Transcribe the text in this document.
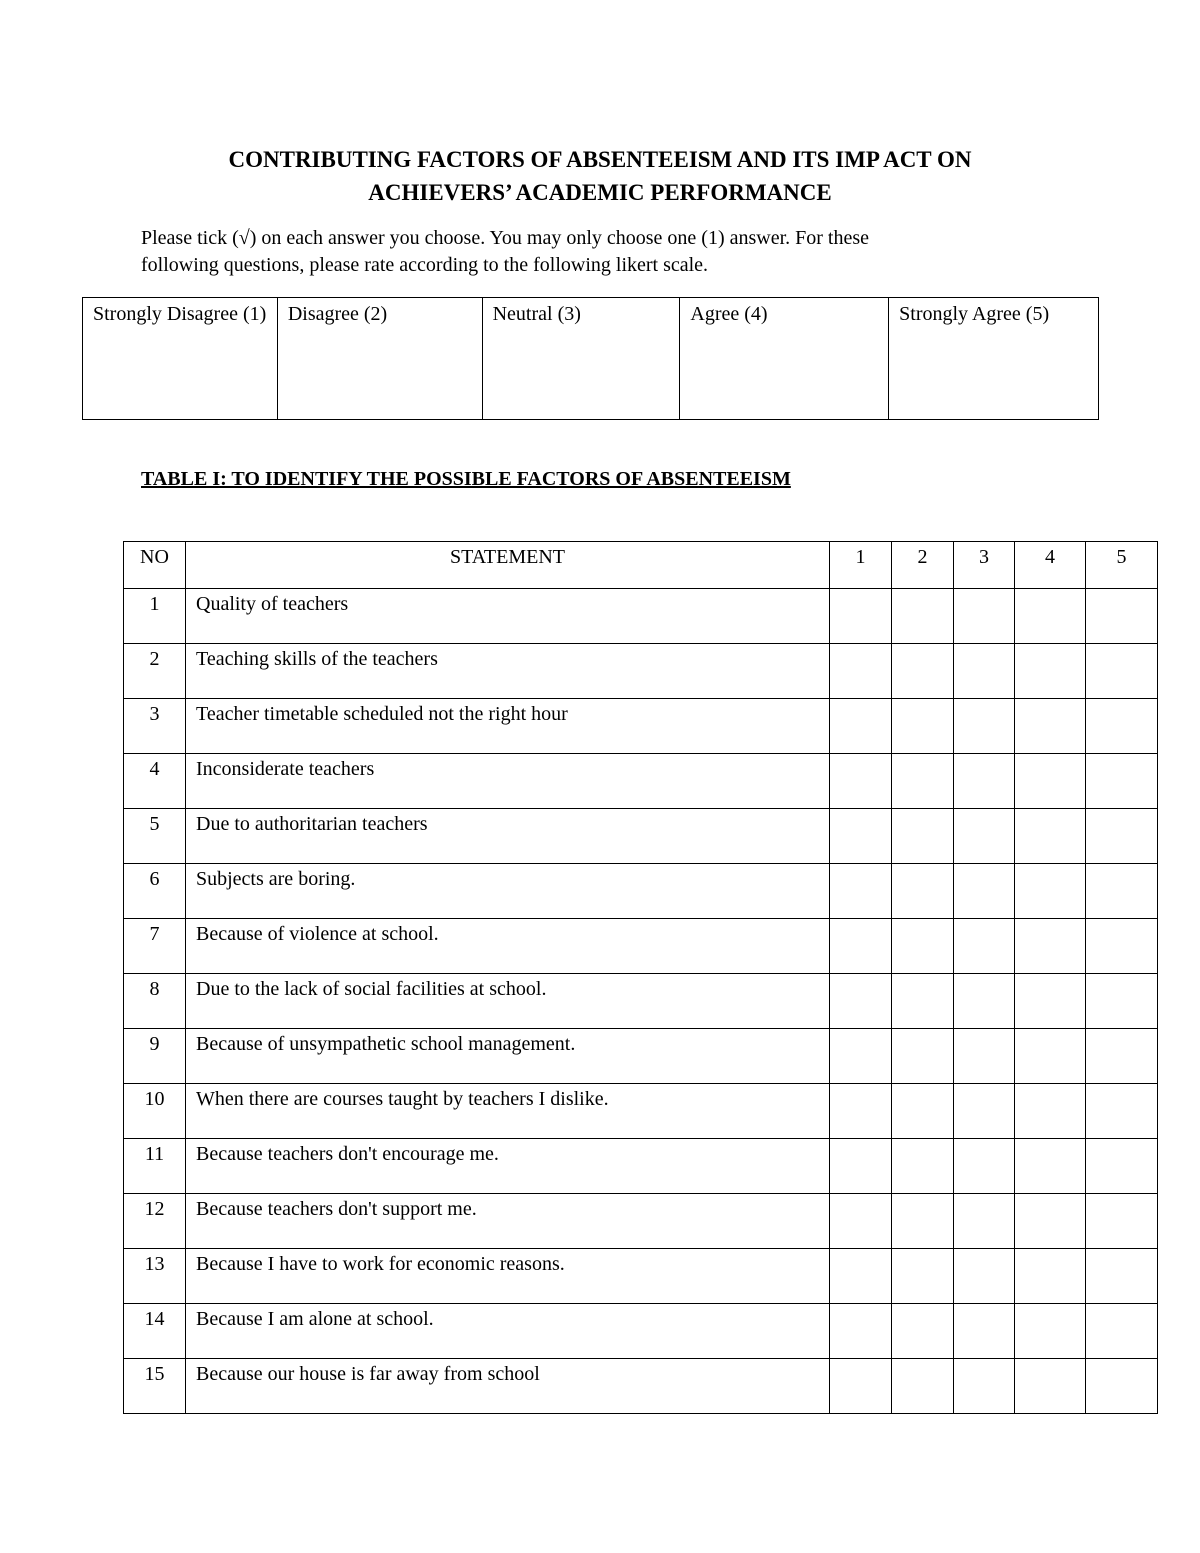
CONTRIBUTING FACTORS OF ABSENTEEISM AND ITS IMP ACT ON
ACHIEVERS’ ACADEMIC PERFORMANCE
Please tick (√) on each answer you choose. You may only choose one (1) answer. For these
following questions, please rate according to the following likert scale.
Strongly Disagree (1)	Disagree (2)	Neutral (3)	Agree (4)	Strongly Agree (5)
TABLE I: TO IDENTIFY THE POSSIBLE FACTORS OF ABSENTEEISM
NO	STATEMENT	1	2	3	4	5
1	Quality of teachers					
2	Teaching skills of the teachers					
3	Teacher timetable scheduled not the right hour					
4	Inconsiderate teachers					
5	Due to authoritarian teachers					
6	Subjects are boring.					
7	Because of violence at school.					
8	Due to the lack of social facilities at school.					
9	Because of unsympathetic school management.					
10	When there are courses taught by teachers I dislike.					
11	Because teachers don't encourage me.					
12	Because teachers don't support me.					
13	Because I have to work for economic reasons.					
14	Because I am alone at school.					
15	Because our house is far away from school					
